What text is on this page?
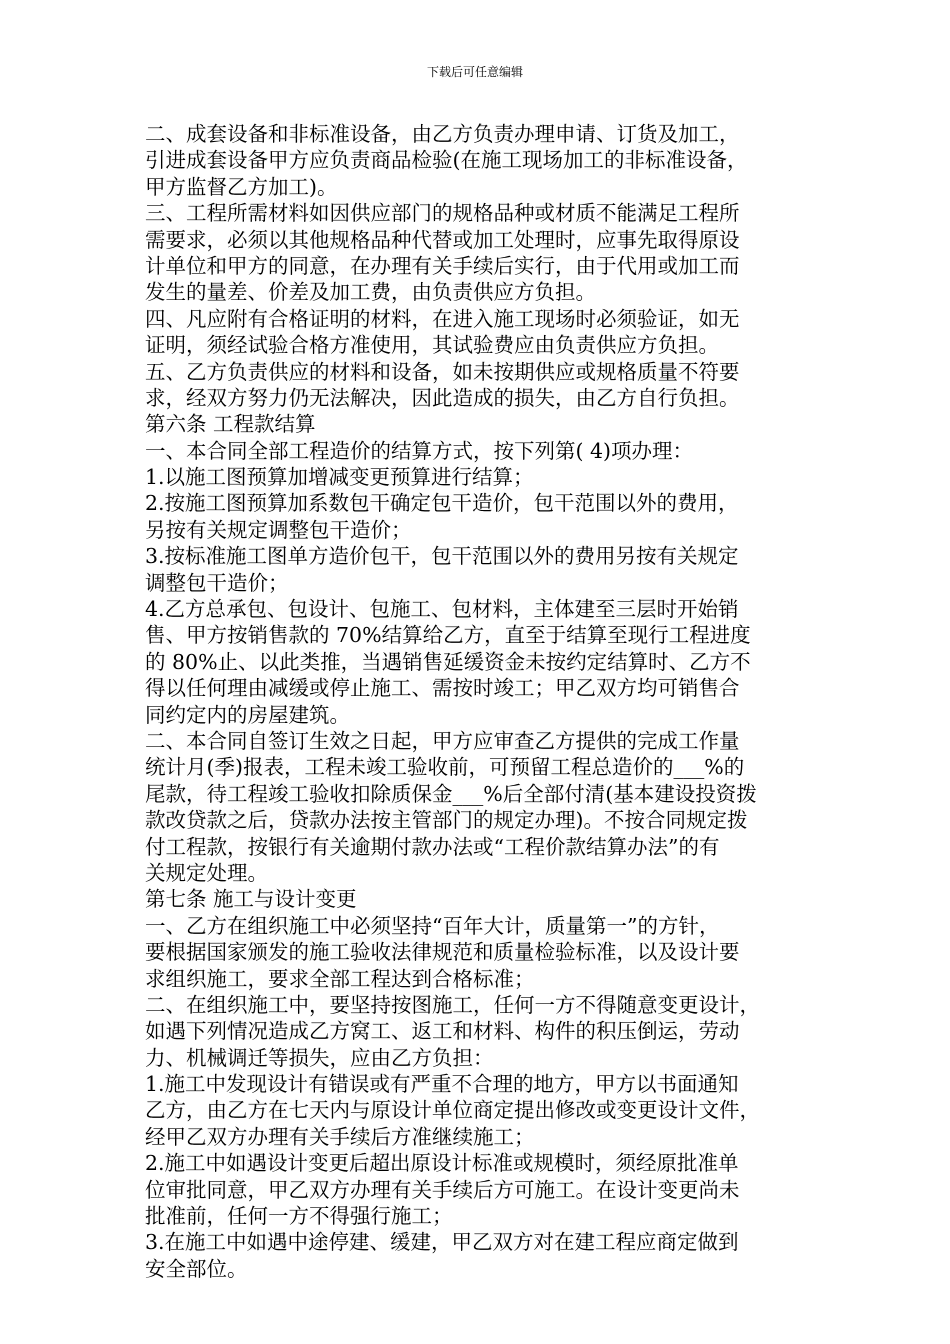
下载后可任意编辑
二、成套设备和非标准设备，由乙方负责办理申请、订货及加工，
引进成套设备甲方应负责商品检验(在施工现场加工的非标准设备，
甲方监督乙方加工)。
三、工程所需材料如因供应部门的规格品种或材质不能满足工程所
需要求，必须以其他规格品种代替或加工处理时，应事先取得原设
计单位和甲方的同意，在办理有关手续后实行，由于代用或加工而
发生的量差、价差及加工费，由负责供应方负担。
四、凡应附有合格证明的材料，在进入施工现场时必须验证，如无
证明，须经试验合格方准使用，其试验费应由负责供应方负担。
五、乙方负责供应的材料和设备，如未按期供应或规格质量不符要
求，经双方努力仍无法解决，因此造成的损失，由乙方自行负担。
第六条 工程款结算
一、本合同全部工程造价的结算方式，按下列第( 4)项办理：
1.以施工图预算加增减变更预算进行结算；
2.按施工图预算加系数包干确定包干造价，包干范围以外的费用，
另按有关规定调整包干造价；
3.按标准施工图单方造价包干，包干范围以外的费用另按有关规定
调整包干造价；
4.乙方总承包、包设计、包施工、包材料，主体建至三层时开始销
售、甲方按销售款的 70%结算给乙方，直至于结算至现行工程进度
的 80%止、以此类推，当遇销售延缓资金未按约定结算时、乙方不
得以任何理由减缓或停止施工、需按时竣工；甲乙双方均可销售合
同约定内的房屋建筑。
二、本合同自签订生效之日起，甲方应审查乙方提供的完成工作量
统计月(季)报表，工程未竣工验收前，可预留工程总造价的___%的
尾款，待工程竣工验收扣除质保金___%后全部付清(基本建设投资拨
款改贷款之后，贷款办法按主管部门的规定办理)。不按合同规定拨
付工程款，按银行有关逾期付款办法或“工程价款结算办法”的有
关规定处理。
第七条 施工与设计变更
一、乙方在组织施工中必须坚持“百年大计，质量第一”的方针，
要根据国家颁发的施工验收法律规范和质量检验标准，以及设计要
求组织施工，要求全部工程达到合格标准；
二、在组织施工中，要坚持按图施工，任何一方不得随意变更设计，
如遇下列情况造成乙方窝工、返工和材料、构件的积压倒运，劳动
力、机械调迁等损失，应由乙方负担：
1.施工中发现设计有错误或有严重不合理的地方，甲方以书面通知
乙方，由乙方在七天内与原设计单位商定提出修改或变更设计文件，
经甲乙双方办理有关手续后方准继续施工；
2.施工中如遇设计变更后超出原设计标准或规模时，须经原批准单
位审批同意，甲乙双方办理有关手续后方可施工。在设计变更尚未
批准前，任何一方不得强行施工；
3.在施工中如遇中途停建、缓建，甲乙双方对在建工程应商定做到
安全部位。
